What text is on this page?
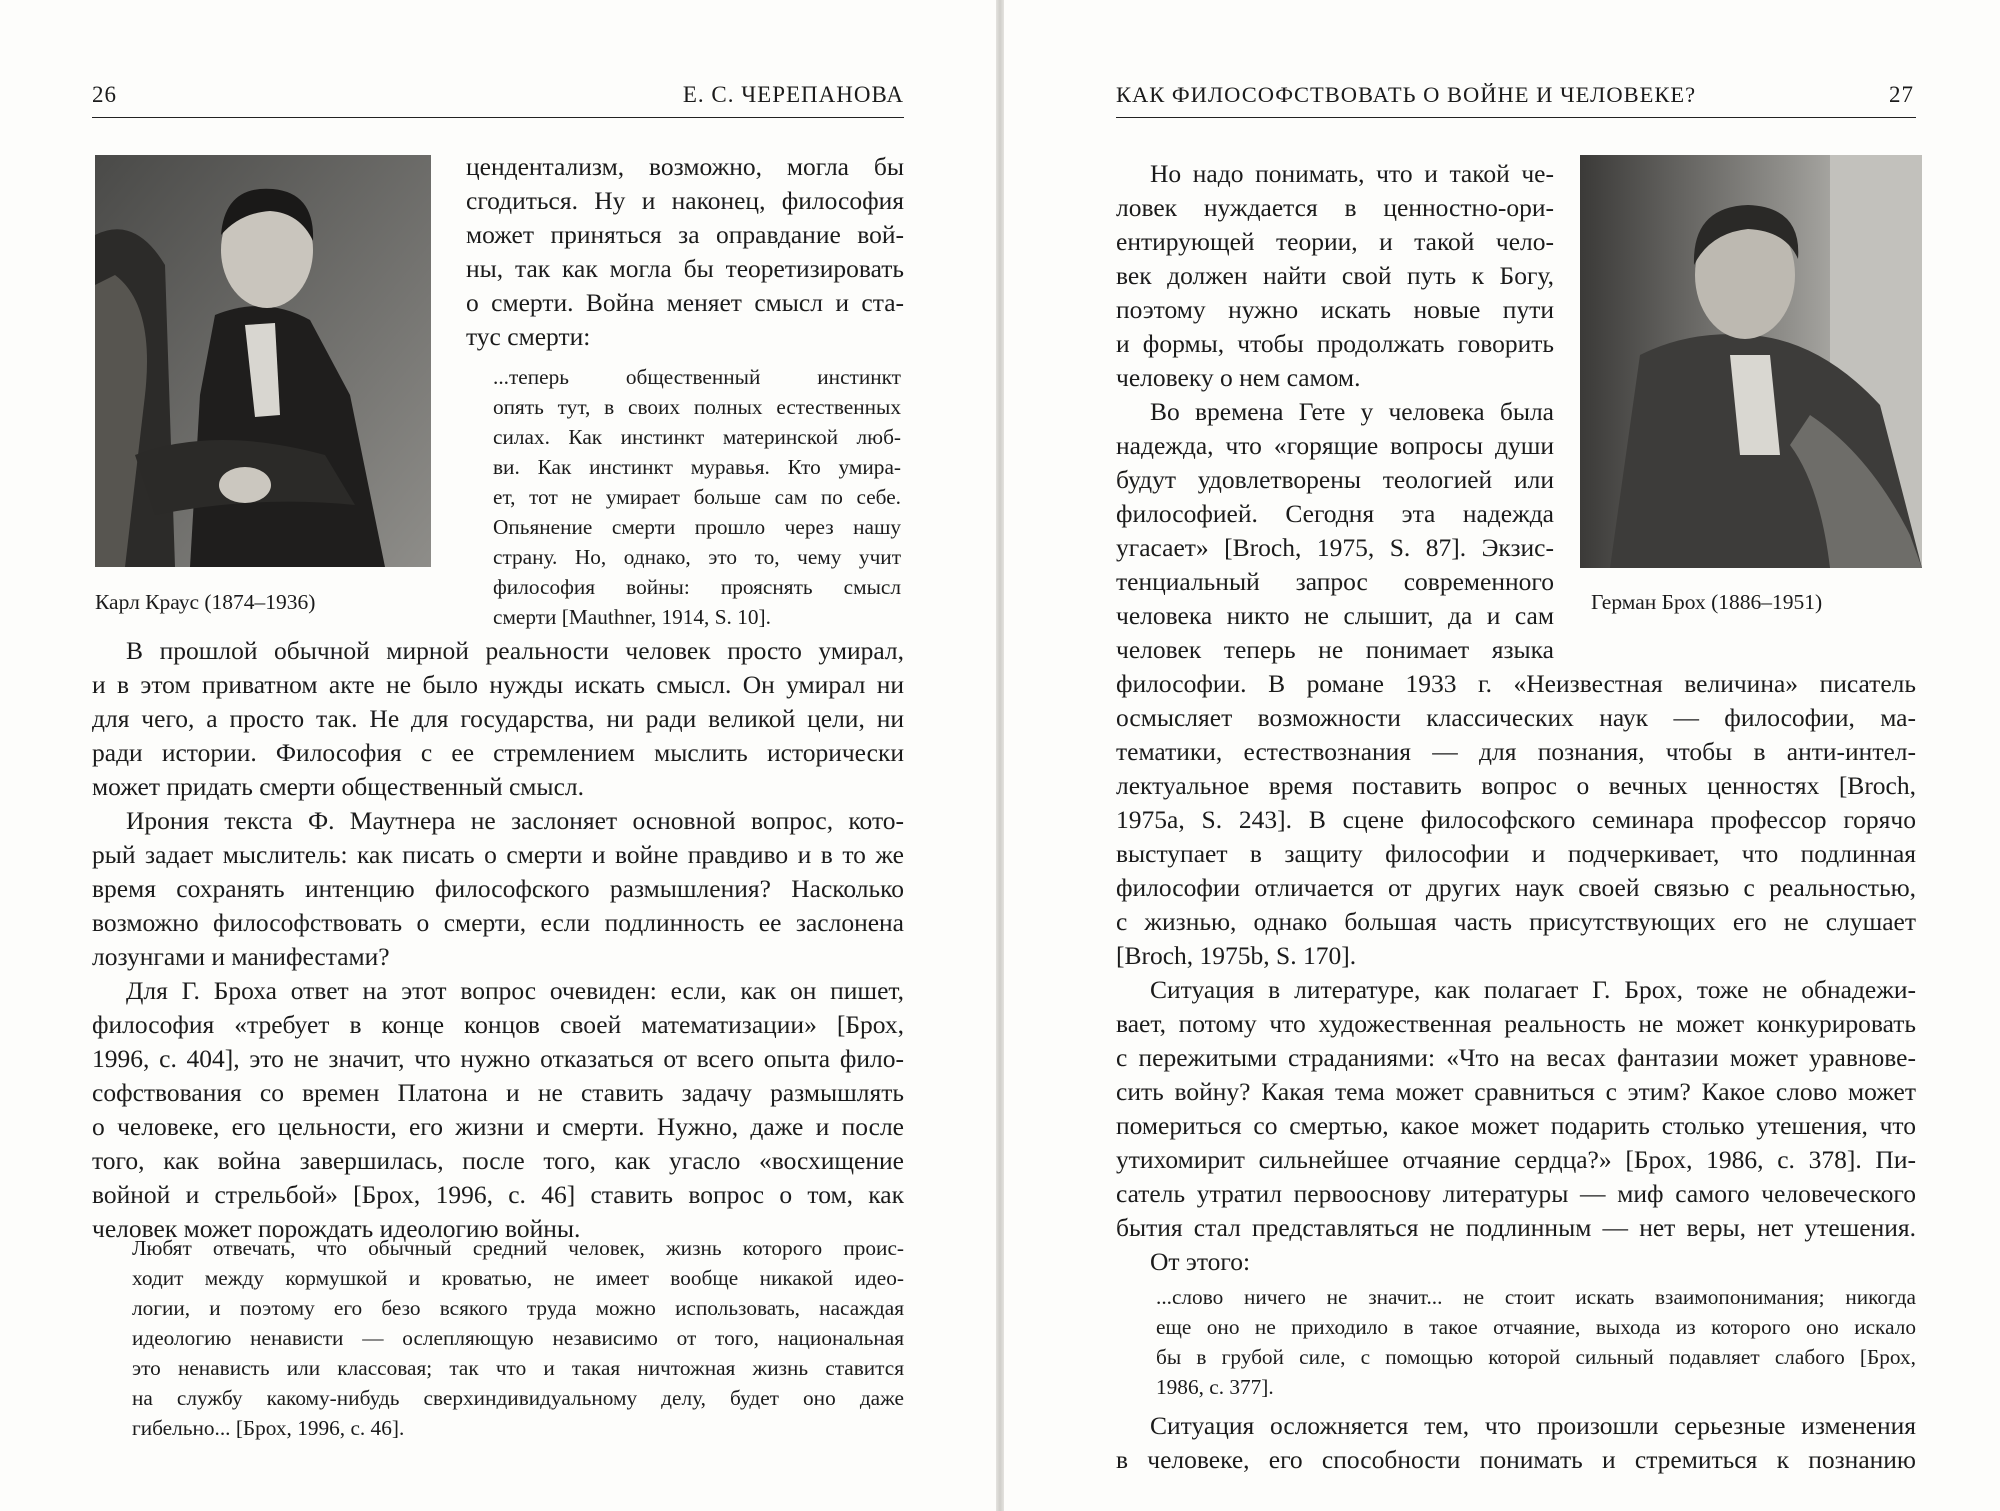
26	Е. С. ЧЕРЕПАНОВА
Карл Краус (1874–1936)
цендентализм, возможно, могла бы
сгодиться. Ну и наконец, философия
может приняться за оправдание вой-
ны, так как могла бы теоретизировать
о смерти. Война меняет смысл и ста-
тус смерти:
...теперь общественный инстинкт
опять тут, в своих полных естественных
силах. Как инстинкт материнской люб-
ви. Как инстинкт муравья. Кто умира-
ет, тот не умирает больше сам по себе.
Опьянение смерти прошло через нашу
страну. Но, однако, это то, чему учит
философия войны: прояснять смысл
смерти [Mauthner, 1914, S. 10].
В прошлой обычной мирной реальности человек просто умирал,
и в этом приватном акте не было нужды искать смысл. Он умирал ни
для чего, а просто так. Не для государства, ни ради великой цели, ни
ради истории. Философия с ее стремлением мыслить исторически
может придать смерти общественный смысл.
Ирония текста Ф. Маутнера не заслоняет основной вопрос, кото-
рый задает мыслитель: как писать о смерти и войне правдиво и в то же
время сохранять интенцию философского размышления? Насколько
возможно философствовать о смерти, если подлинность ее заслонена
лозунгами и манифестами?
Для Г. Броха ответ на этот вопрос очевиден: если, как он пишет,
философия «требует в конце концов своей математизации» [Брох,
1996, с. 404], это не значит, что нужно отказаться от всего опыта фило-
софствования со времен Платона и не ставить задачу размышлять
о человеке, его цельности, его жизни и смерти. Нужно, даже и после
того, как война завершилась, после того, как угасло «восхищение
войной и стрельбой» [Брох, 1996, с. 46] ставить вопрос о том, как
человек может порождать идеологию войны.
Любят отвечать, что обычный средний человек, жизнь которого проис-
ходит между кормушкой и кроватью, не имеет вообще никакой идео-
логии, и поэтому его безо всякого труда можно использовать, насаждая
идеологию ненависти — ослепляющую независимо от того, национальная
это ненависть или классовая; так что и такая ничтожная жизнь ставится
на службу какому-нибудь сверхиндивидуальному делу, будет оно даже
гибельно... [Брох, 1996, с. 46].
КАК ФИЛОСОФСТВОВАТЬ О ВОЙНЕ И ЧЕЛОВЕКЕ?	27
Но надо понимать, что и такой че-
ловек нуждается в ценностно-ори-
ентирующей теории, и такой чело-
век должен найти свой путь к Богу,
поэтому нужно искать новые пути
и формы, чтобы продолжать говорить
человеку о нем самом.
Во времена Гете у человека была
надежда, что «горящие вопросы души
будут удовлетворены теологией или
философией. Сегодня эта надежда
угасает» [Broch, 1975, S. 87]. Экзис-
тенциальный запрос современного
человека никто не слышит, да и сам
человек теперь не понимает языка
Герман Брох (1886–1951)
философии. В романе 1933 г. «Неизвестная величина» писатель
осмысляет возможности классических наук — философии, ма-
тематики, естествознания — для познания, чтобы в анти-интел-
лектуальное время поставить вопрос о вечных ценностях [Broch,
1975a, S. 243]. В сцене философского семинара профессор горячо
выступает в защиту философии и подчеркивает, что подлинная
философии отличается от других наук своей связью с реальностью,
с жизнью, однако большая часть присутствующих его не слушает
[Broch, 1975b, S. 170].
Ситуация в литературе, как полагает Г. Брох, тоже не обнадежи-
вает, потому что художественная реальность не может конкурировать
с пережитыми страданиями: «Что на весах фантазии может уравнове-
сить войну? Какая тема может сравниться с этим? Какое слово может
помериться со смертью, какое может подарить столько утешения, что
утихомирит сильнейшее отчаяние сердца?» [Брох, 1986, с. 378]. Пи-
сатель утратил первооснову литературы — миф самого человеческого
бытия стал представляться не подлинным — нет веры, нет утешения.
От этого:
...слово ничего не значит... не стоит искать взаимопонимания; никогда
еще оно не приходило в такое отчаяние, выхода из которого оно искало
бы в грубой силе, с помощью которой сильный подавляет слабого [Брох,
1986, с. 377].
Ситуация осложняется тем, что произошли серьезные изменения
в человеке, его способности понимать и стремиться к познанию
